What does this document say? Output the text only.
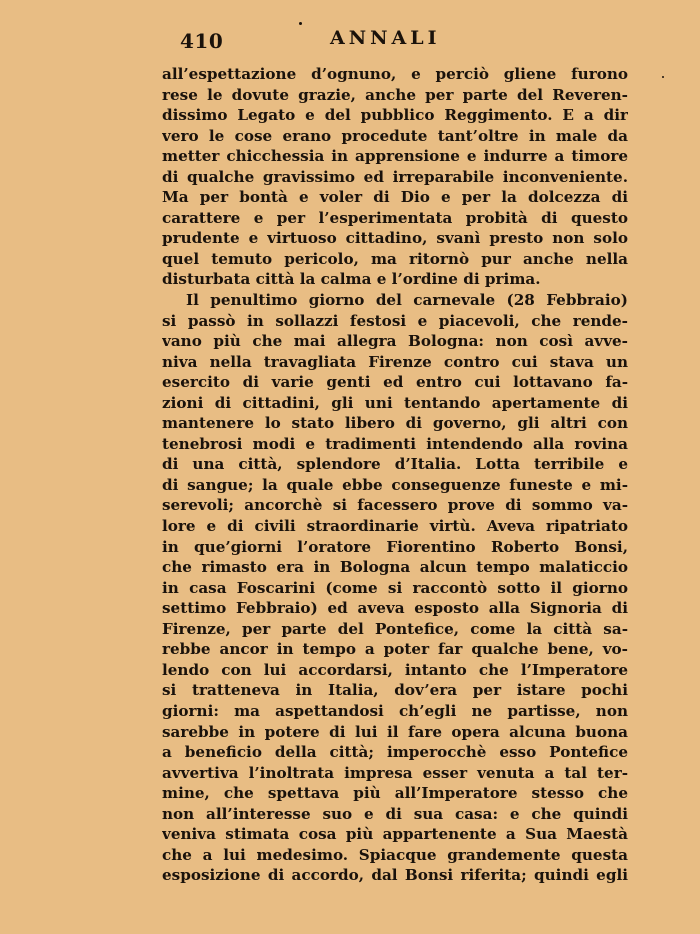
410	ANNALI
all’espettazione d’ognuno, e perciò gliene furono
rese le dovute grazie, anche per parte del Reveren-
dissimo Legato e del pubblico Reggimento. E a dir
vero le cose erano procedute tant’oltre in male da
metter chicchessia in apprensione e indurre a timore
di qualche gravissimo ed irreparabile inconveniente.
Ma per bontà e voler di Dio e per la dolcezza di
carattere e per l’esperimentata probità di questo
prudente e virtuoso cittadino, svanì presto non solo
quel temuto pericolo, ma ritornò pur anche nella
disturbata città la calma e l’ordine di prima.
Il penultimo giorno del carnevale (28 Febbraio)
si passò in sollazzi festosi e piacevoli, che rende-
vano più che mai allegra Bologna: non così avve-
niva nella travagliata Firenze contro cui stava un
esercito di varie genti ed entro cui lottavano fa-
zioni di cittadini, gli uni tentando apertamente di
mantenere lo stato libero di governo, gli altri con
tenebrosi modi e tradimenti intendendo alla rovina
di una città, splendore d’Italia. Lotta terribile e
di sangue; la quale ebbe conseguenze funeste e mi-
serevoli; ancorchè si facessero prove di sommo va-
lore e di civili straordinarie virtù. Aveva ripatriato
in que’giorni l’oratore Fiorentino Roberto Bonsi,
che rimasto era in Bologna alcun tempo malaticcio
in casa Foscarini (come si raccontò sotto il giorno
settimo Febbraio) ed aveva esposto alla Signoria di
Firenze, per parte del Pontefice, come la città sa-
rebbe ancor in tempo a poter far qualche bene, vo-
lendo con lui accordarsi, intanto che l’Imperatore
si tratteneva in Italia, dov’era per istare pochi
giorni: ma aspettandosi ch’egli ne partisse, non
sarebbe in potere di lui il fare opera alcuna buona
a beneficio della città; imperocchè esso Pontefice
avvertiva l’inoltrata impresa esser venuta a tal ter-
mine, che spettava più all’Imperatore stesso che
non all’interesse suo e di sua casa: e che quindi
veniva stimata cosa più appartenente a Sua Maestà
che a lui medesimo. Spiacque grandemente questa
esposizione di accordo, dal Bonsi riferita; quindi egli
